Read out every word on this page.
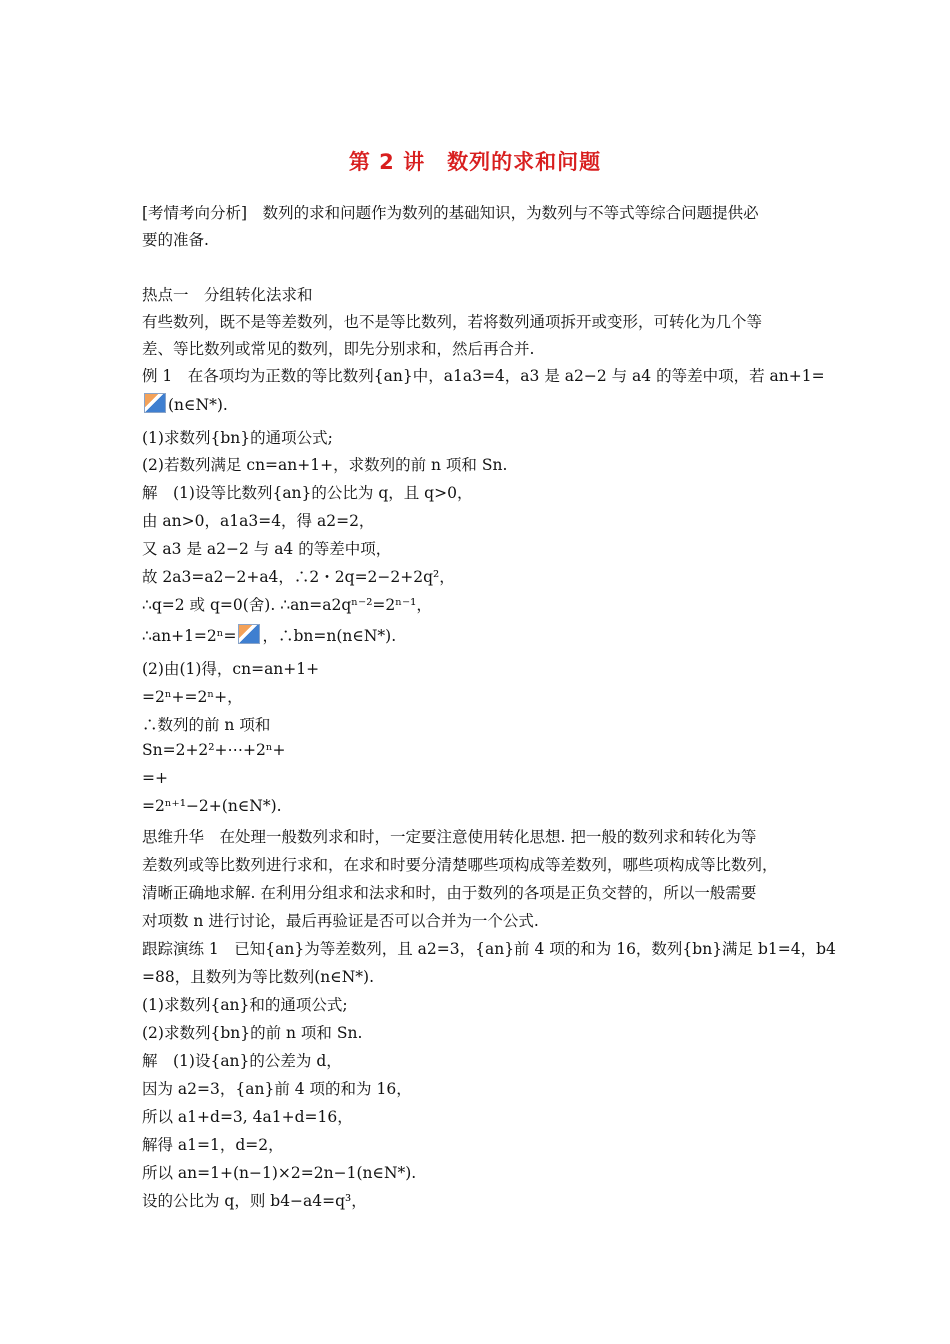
第 2 讲　数列的求和问题
[考情考向分析]　数列的求和问题作为数列的基础知识，为数列与不等式等综合问题提供必
要的准备.
热点一　分组转化法求和
有些数列，既不是等差数列，也不是等比数列，若将数列通项拆开或变形，可转化为几个等
差、等比数列或常见的数列，即先分别求和，然后再合并.
例 1　在各项均为正数的等比数列{an}中，a1a3=4，a3 是 a2−2 与 a4 的等差中项，若 an+1=
(n∈N*).
(1)求数列{bn}的通项公式;
(2)若数列满足 cn=an+1+，求数列的前 n 项和 Sn.
解　(1)设等比数列{an}的公比为 q，且 q>0，
由 an>0，a1a3=4，得 a2=2，
又 a3 是 a2−2 与 a4 的等差中项，
故 2a3=a2−2+a4，∴2・2q=2−2+2q²，
∴q=2 或 q=0(舍). ∴an=a2qⁿ⁻²=2ⁿ⁻¹，
∴an+1=2ⁿ= ，∴bn=n(n∈N*).
(2)由(1)得，cn=an+1+
=2ⁿ+=2ⁿ+，
∴数列的前 n 项和
Sn=2+2²+⋯+2ⁿ+
=+
=2ⁿ⁺¹−2+(n∈N*).
思维升华　在处理一般数列求和时，一定要注意使用转化思想. 把一般的数列求和转化为等
差数列或等比数列进行求和，在求和时要分清楚哪些项构成等差数列，哪些项构成等比数列，
清晰正确地求解. 在利用分组求和法求和时，由于数列的各项是正负交替的，所以一般需要
对项数 n 进行讨论，最后再验证是否可以合并为一个公式.
跟踪演练 1　已知{an}为等差数列，且 a2=3，{an}前 4 项的和为 16，数列{bn}满足 b1=4，b4
=88，且数列为等比数列(n∈N*).
(1)求数列{an}和的通项公式;
(2)求数列{bn}的前 n 项和 Sn.
解　(1)设{an}的公差为 d，
因为 a2=3，{an}前 4 项的和为 16，
所以 a1+d=3, 4a1+d=16，
解得 a1=1，d=2，
所以 an=1+(n−1)×2=2n−1(n∈N*).
设的公比为 q，则 b4−a4=q³，
